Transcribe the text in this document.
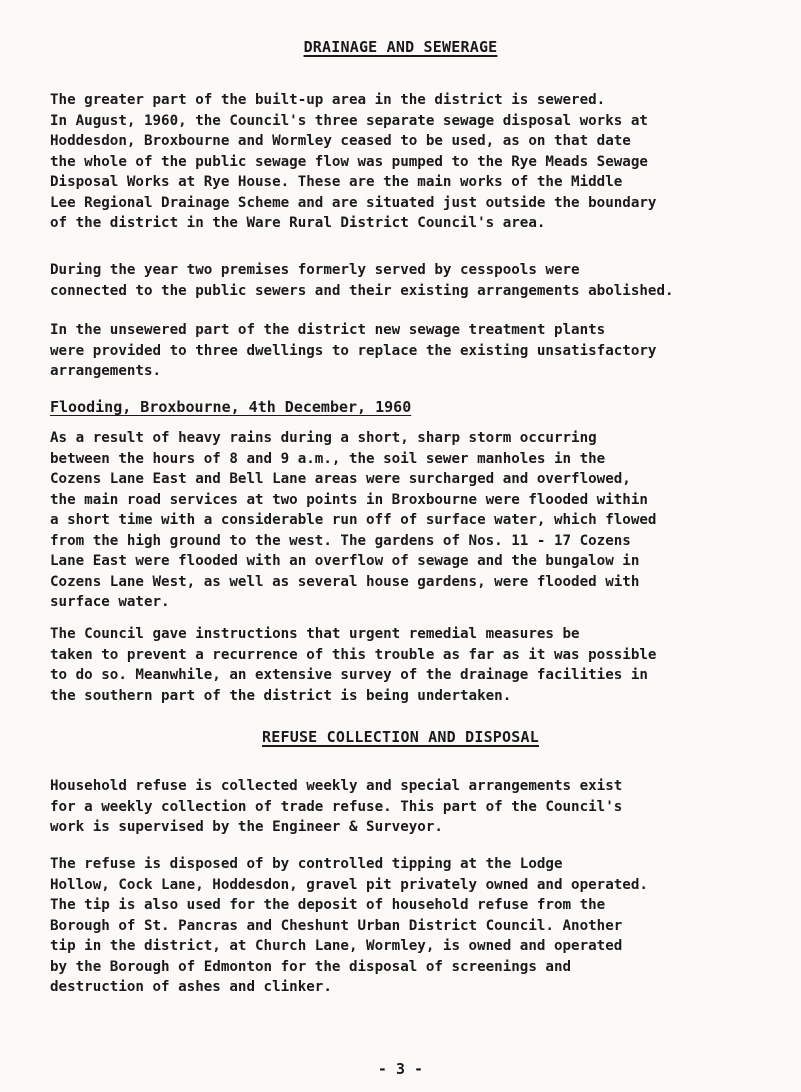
DRAINAGE AND SEWERAGE
The greater part of the built-up area in the district is sewered.
In August, 1960, the Council's three separate sewage disposal works at
Hoddesdon, Broxbourne and Wormley ceased to be used, as on that date
the whole of the public sewage flow was pumped to the Rye Meads Sewage
Disposal Works at Rye House. These are the main works of the Middle
Lee Regional Drainage Scheme and are situated just outside the boundary
of the district in the Ware Rural District Council's area.
During the year two premises formerly served by cesspools were
connected to the public sewers and their existing arrangements abolished.
In the unsewered part of the district new sewage treatment plants
were provided to three dwellings to replace the existing unsatisfactory
arrangements.
Flooding, Broxbourne, 4th December, 1960
As a result of heavy rains during a short, sharp storm occurring
between the hours of 8 and 9 a.m., the soil sewer manholes in the
Cozens Lane East and Bell Lane areas were surcharged and overflowed,
the main road services at two points in Broxbourne were flooded within
a short time with a considerable run off of surface water, which flowed
from the high ground to the west. The gardens of Nos. 11 - 17 Cozens
Lane East were flooded with an overflow of sewage and the bungalow in
Cozens Lane West, as well as several house gardens, were flooded with
surface water.
The Council gave instructions that urgent remedial measures be
taken to prevent a recurrence of this trouble as far as it was possible
to do so. Meanwhile, an extensive survey of the drainage facilities in
the southern part of the district is being undertaken.
REFUSE COLLECTION AND DISPOSAL
Household refuse is collected weekly and special arrangements exist
for a weekly collection of trade refuse. This part of the Council's
work is supervised by the Engineer & Surveyor.
The refuse is disposed of by controlled tipping at the Lodge
Hollow, Cock Lane, Hoddesdon, gravel pit privately owned and operated.
The tip is also used for the deposit of household refuse from the
Borough of St. Pancras and Cheshunt Urban District Council. Another
tip in the district, at Church Lane, Wormley, is owned and operated
by the Borough of Edmonton for the disposal of screenings and
destruction of ashes and clinker.
- 3 -
